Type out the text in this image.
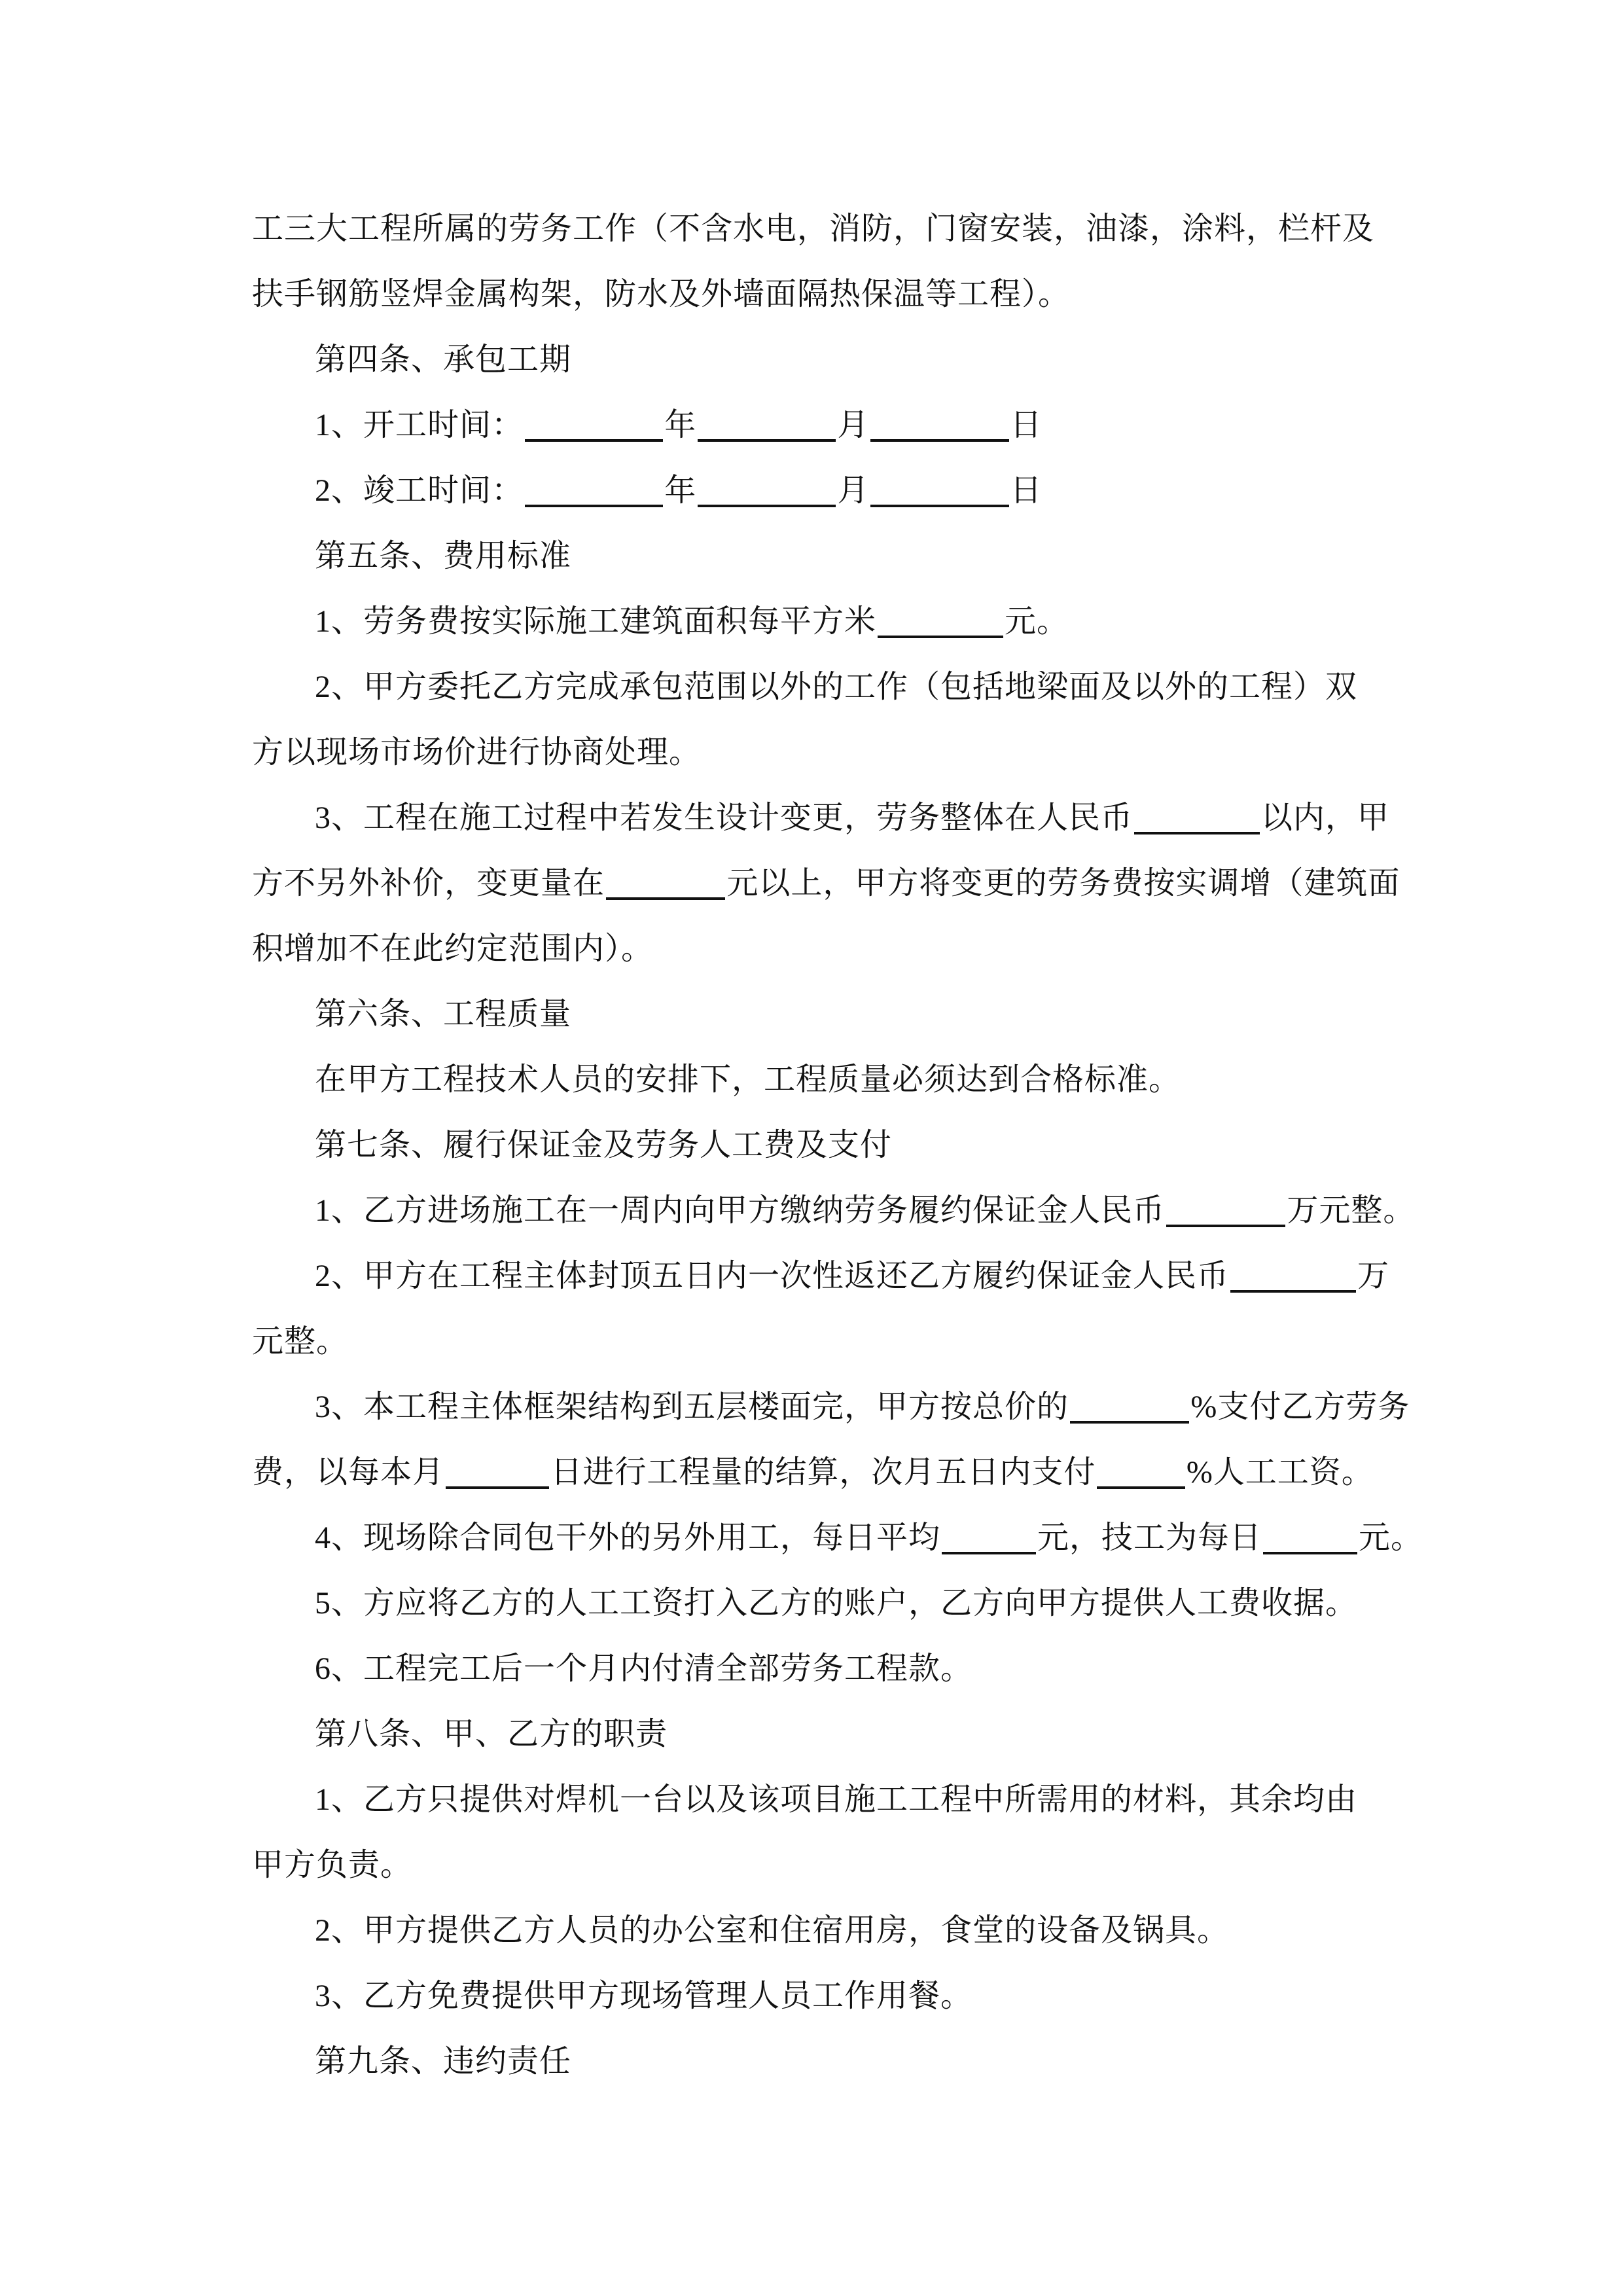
工三大工程所属的劳务工作（不含水电，消防，门窗安装，油漆，涂料，栏杆及
扶手钢筋竖焊金属构架，防水及外墙面隔热保温等工程）。
第四条、承包工期
1、开工时间：	年	月	日
2、竣工时间：	年	月	日
第五条、费用标准
1、劳务费按实际施工建筑面积每平方米	元。
2、甲方委托乙方完成承包范围以外的工作（包括地梁面及以外的工程）双
方以现场市场价进行协商处理。
3、工程在施工过程中若发生设计变更，劳务整体在人民币	以内，甲
方不另外补价，变更量在	元以上，甲方将变更的劳务费按实调增（建筑面
积增加不在此约定范围内）。
第六条、工程质量
在甲方工程技术人员的安排下，工程质量必须达到合格标准。
第七条、履行保证金及劳务人工费及支付
1、乙方进场施工在一周内向甲方缴纳劳务履约保证金人民币	万元整。
2、甲方在工程主体封顶五日内一次性返还乙方履约保证金人民币	万
元整。
3、本工程主体框架结构到五层楼面完，甲方按总价的	%支付乙方劳务
费，以每本月	日进行工程量的结算，次月五日内支付	%人工工资。
4、现场除合同包干外的另外用工，每日平均	元，技工为每日	元。
5、方应将乙方的人工工资打入乙方的账户，乙方向甲方提供人工费收据。
6、工程完工后一个月内付清全部劳务工程款。
第八条、甲、乙方的职责
1、乙方只提供对焊机一台以及该项目施工工程中所需用的材料，其余均由
甲方负责。
2、甲方提供乙方人员的办公室和住宿用房，食堂的设备及锅具。
3、乙方免费提供甲方现场管理人员工作用餐。
第九条、违约责任
